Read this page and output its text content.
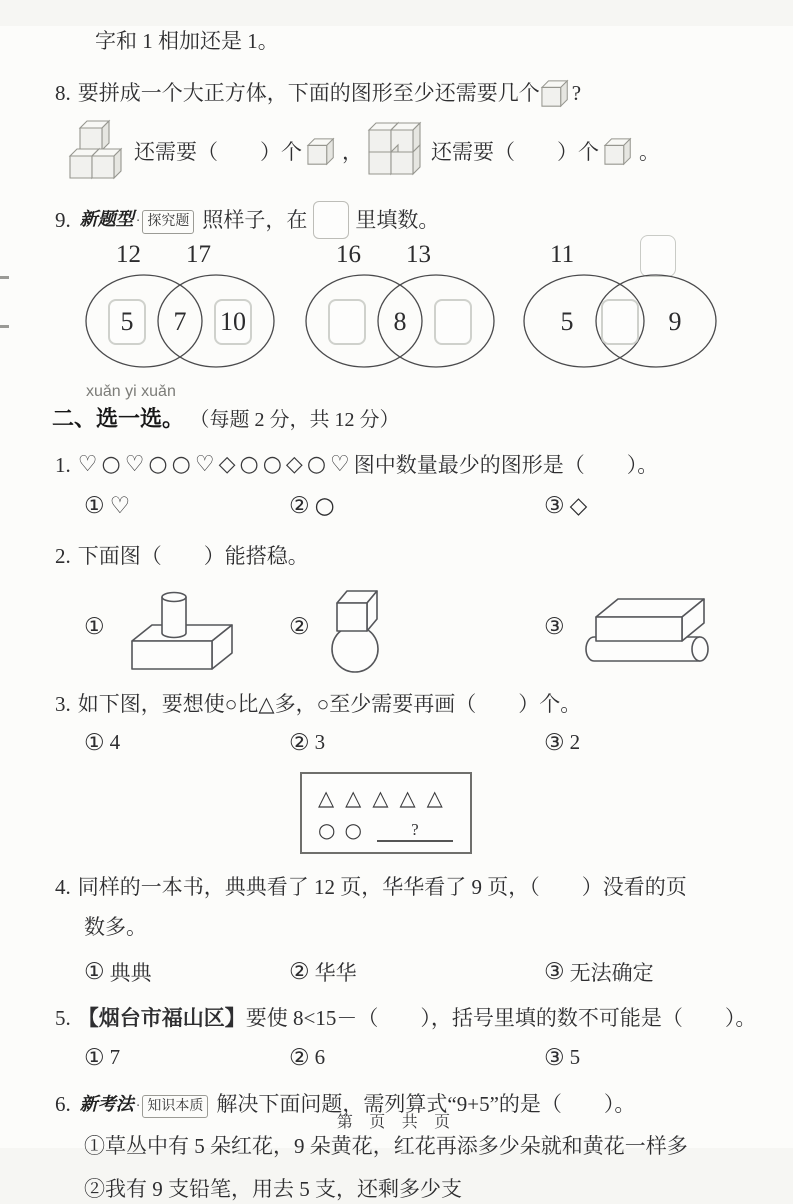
字和 1 相加还是 1。
8. 要拼成一个大正方体，下面的图形至少还需要几个 ?
还需要（　　）个 ，	还需要（　　）个 。
9. 新题型 · 探究题 照样子，在 里填数。
12 17
5	7	10
16 13
8
11
5	9
xuǎn yi xuǎn
二、选一选。 （每题 2 分，共 12 分）
1. ♡ ○ ♡ ○ ○ ♡ ◇ ○ ○ ◇ ○ ♡ 图中数量最少的图形是（　　）。
① ♡	② ○	③ ◇
2. 下面图（　　）能搭稳。
①	②	③
3. 如下图，要想使○比△多，○至少需要再画（　　）个。
① 4	② 3	③ 2
△ △ △ △ △
○ ○	?
4. 同样的一本书，典典看了 12 页，华华看了 9 页，（　　）没看的页
数多。
① 典典	② 华华	③ 无法确定
5. 【烟台市福山区】 要使 8<15－（　　），括号里填的数不可能是（　　）。
① 7	② 6	③ 5
6. 新考法 · 知识本质 解决下面问题，需列算式“9+5”的是（　　）。
①草丛中有 5 朵红花，9 朵黄花，红花再添多少朵就和黄花一样多
②我有 9 支铅笔，用去 5 支，还剩多少支
第 页 共 页
